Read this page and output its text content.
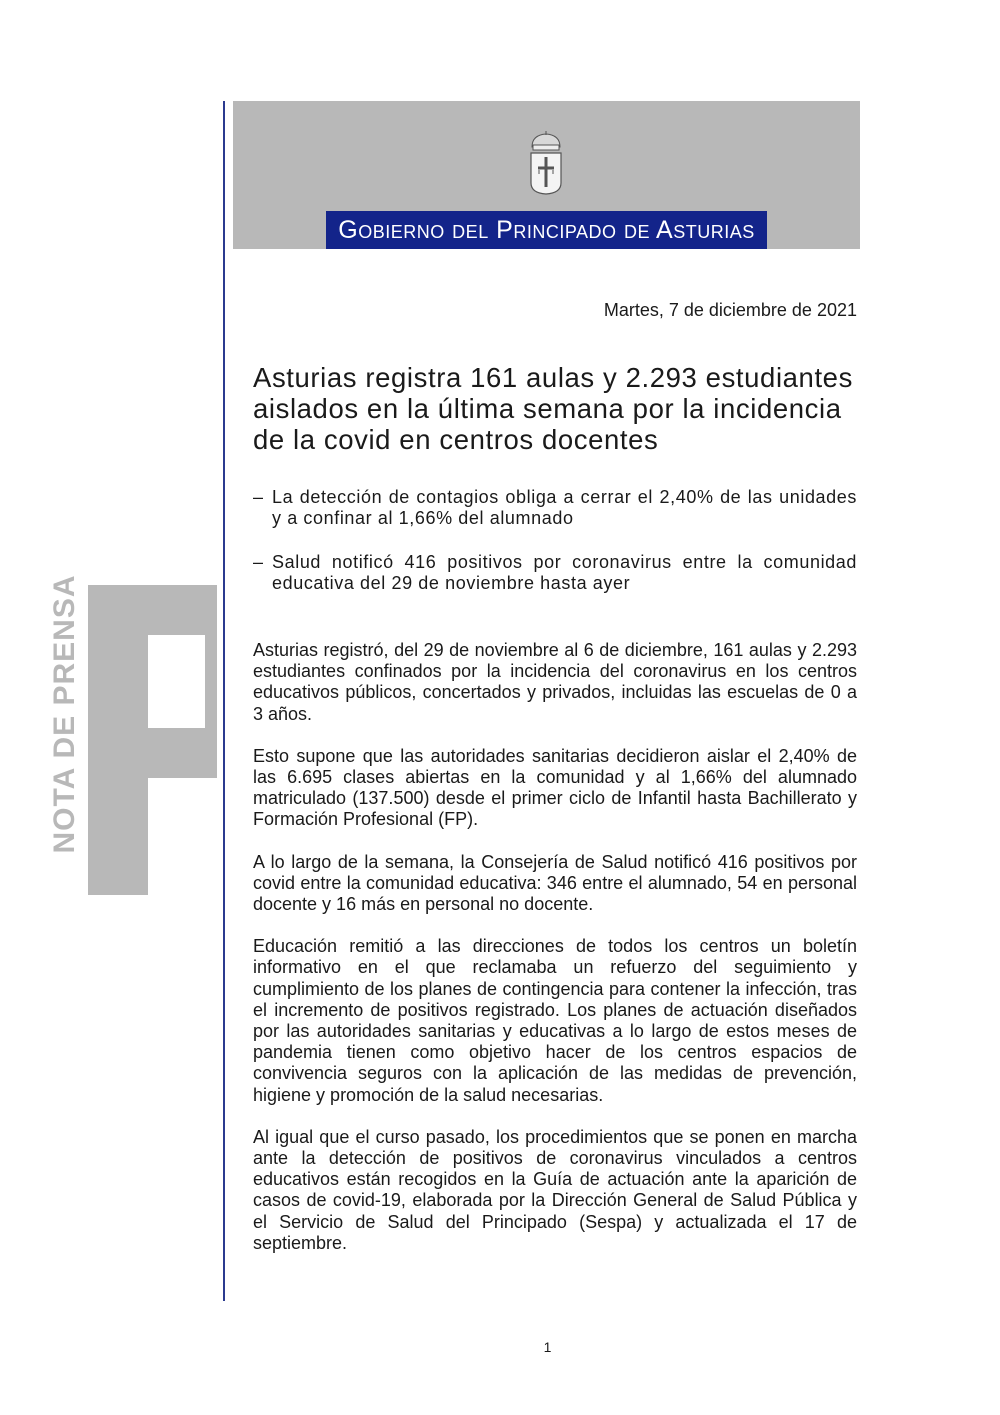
Gobierno del Principado de Asturias
NOTA DE PRENSA
Martes, 7 de diciembre de 2021
Asturias registra 161 aulas y 2.293 estudiantes aislados en la última semana por la incidencia de la covid en centros docentes
– La detección de contagios obliga a cerrar el 2,40% de las unidades y a confinar al 1,66% del alumnado
– Salud notificó 416 positivos por coronavirus entre la comunidad educativa del 29 de noviembre hasta ayer

Asturias registró, del 29 de noviembre al 6 de diciembre, 161 aulas y 2.293 estudiantes confinados por la incidencia del coronavirus en los centros educativos públicos, concertados y privados, incluidas las escuelas de 0 a 3 años.

Esto supone que las autoridades sanitarias decidieron aislar el 2,40% de las 6.695 clases abiertas en la comunidad y al 1,66% del alumnado matriculado (137.500) desde el primer ciclo de Infantil hasta Bachillerato y Formación Profesional (FP).

A lo largo de la semana, la Consejería de Salud notificó 416 positivos por covid entre la comunidad educativa: 346 entre el alumnado, 54 en personal docente y 16 más en personal no docente.

Educación remitió a las direcciones de todos los centros un boletín informativo en el que reclamaba un refuerzo del seguimiento y cumplimiento de los planes de contingencia para contener la infección, tras el incremento de positivos registrado. Los planes de actuación diseñados por las autoridades sanitarias y educativas a lo largo de estos meses de pandemia tienen como objetivo hacer de los centros espacios de convivencia seguros con la aplicación de las medidas de prevención, higiene y promoción de la salud necesarias.

Al igual que el curso pasado, los procedimientos que se ponen en marcha ante la detección de positivos de coronavirus vinculados a centros educativos están recogidos en la Guía de actuación ante la aparición de casos de covid-19, elaborada por la Dirección General de Salud Pública y el Servicio de Salud del Principado (Sespa) y actualizada el 17 de septiembre.

1
